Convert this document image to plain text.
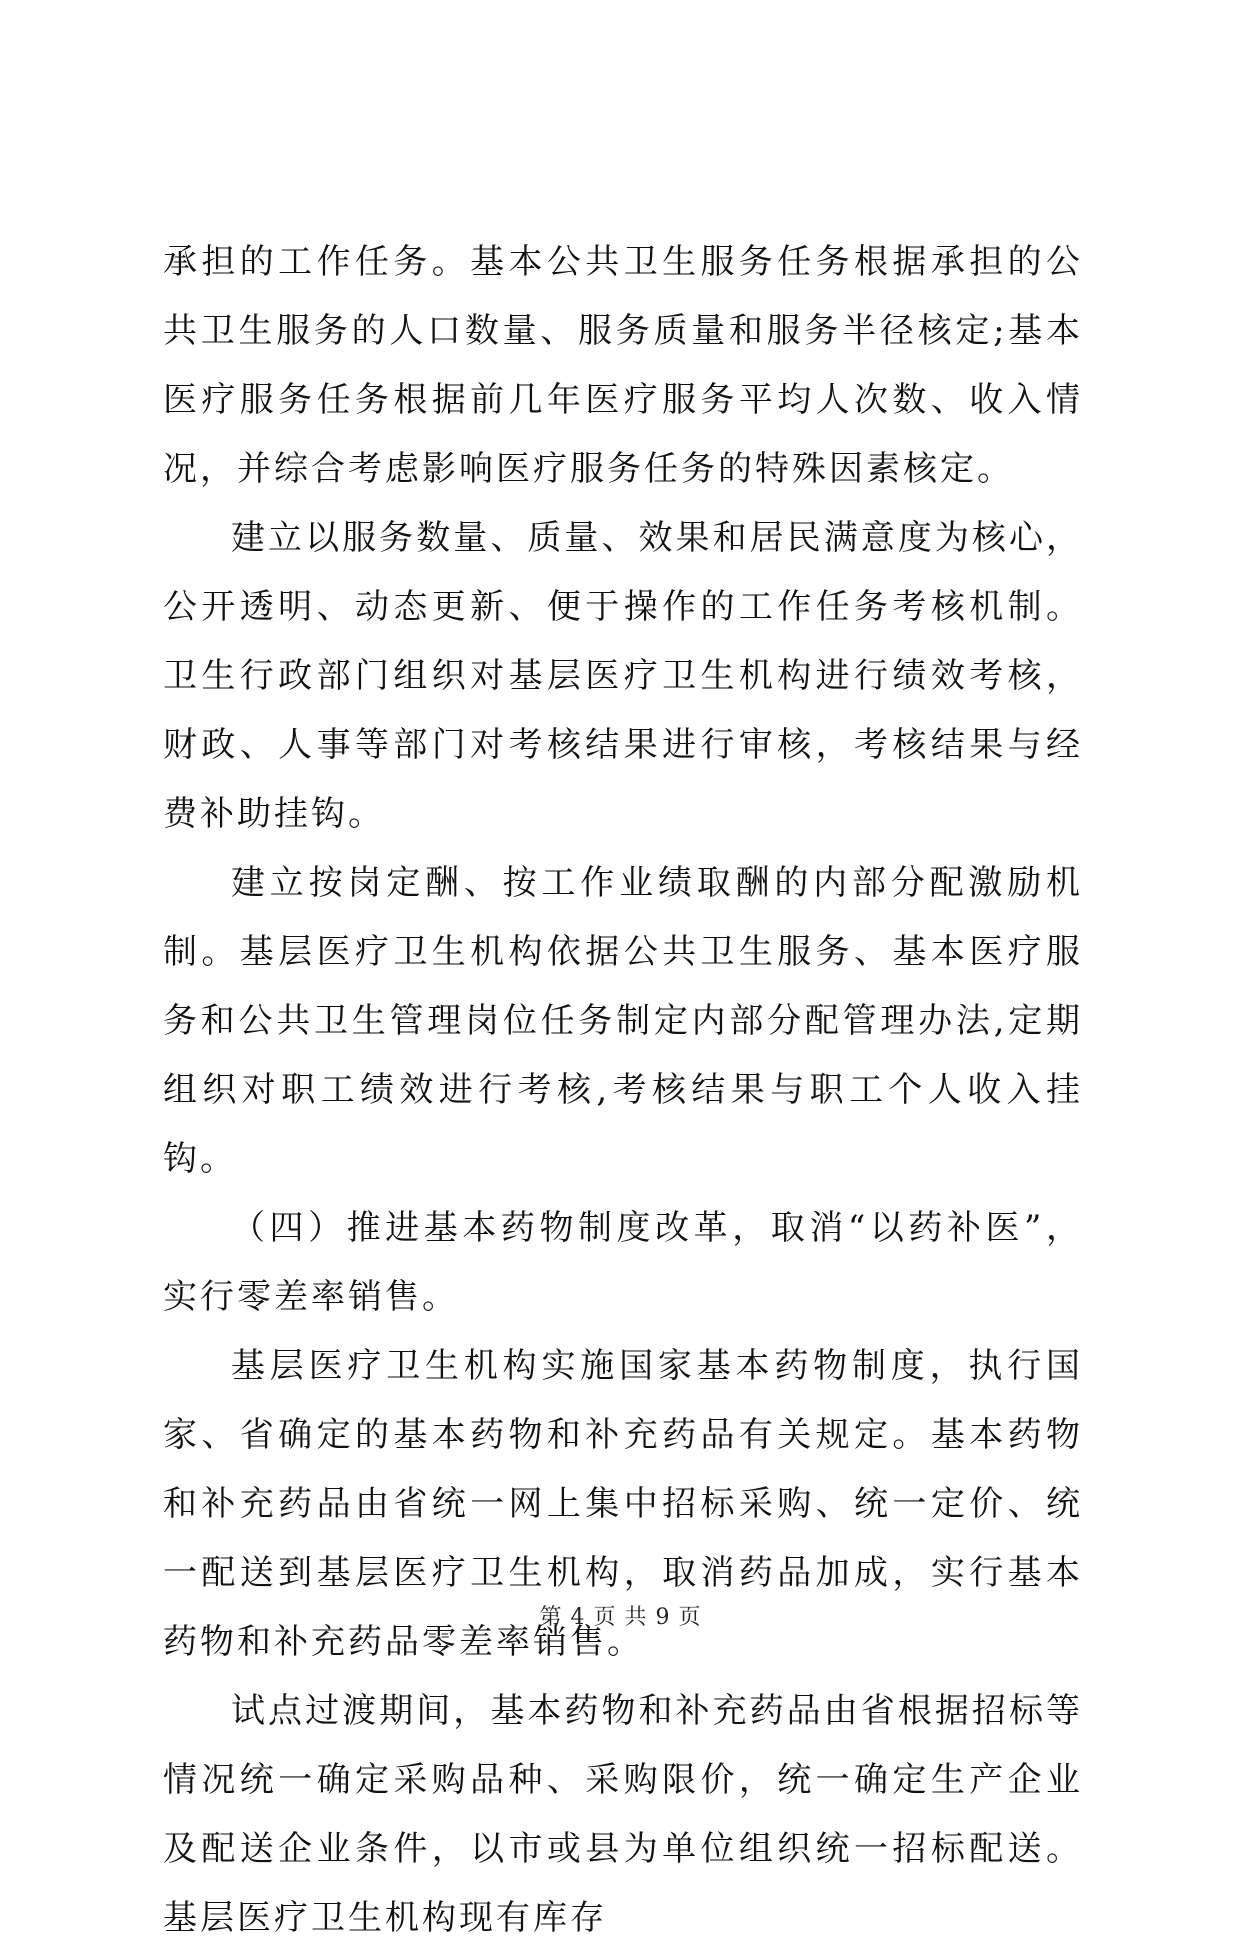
承担的工作任务。基本公共卫生服务任务根据承担的公共卫生服务的人口数量、服务质量和服务半径核定;基本医疗服务任务根据前几年医疗服务平均人次数、收入情况，并综合考虑影响医疗服务任务的特殊因素核定。

建立以服务数量、质量、效果和居民满意度为核心，公开透明、动态更新、便于操作的工作任务考核机制。卫生行政部门组织对基层医疗卫生机构进行绩效考核，财政、人事等部门对考核结果进行审核，考核结果与经费补助挂钩。

建立按岗定酬、按工作业绩取酬的内部分配激励机制。基层医疗卫生机构依据公共卫生服务、基本医疗服务和公共卫生管理岗位任务制定内部分配管理办法,定期组织对职工绩效进行考核,考核结果与职工个人收入挂钩。

（四）推进基本药物制度改革，取消“以药补医”，实行零差率销售。

基层医疗卫生机构实施国家基本药物制度，执行国家、省确定的基本药物和补充药品有关规定。基本药物和补充药品由省统一网上集中招标采购、统一定价、统一配送到基层医疗卫生机构，取消药品加成，实行基本药物和补充药品零差率销售。

试点过渡期间，基本药物和补充药品由省根据招标等情况统一确定采购品种、采购限价，统一确定生产企业及配送企业条件，以市或县为单位组织统一招标配送。基层医疗卫生机构现有库存

第 4 页 共 9 页
